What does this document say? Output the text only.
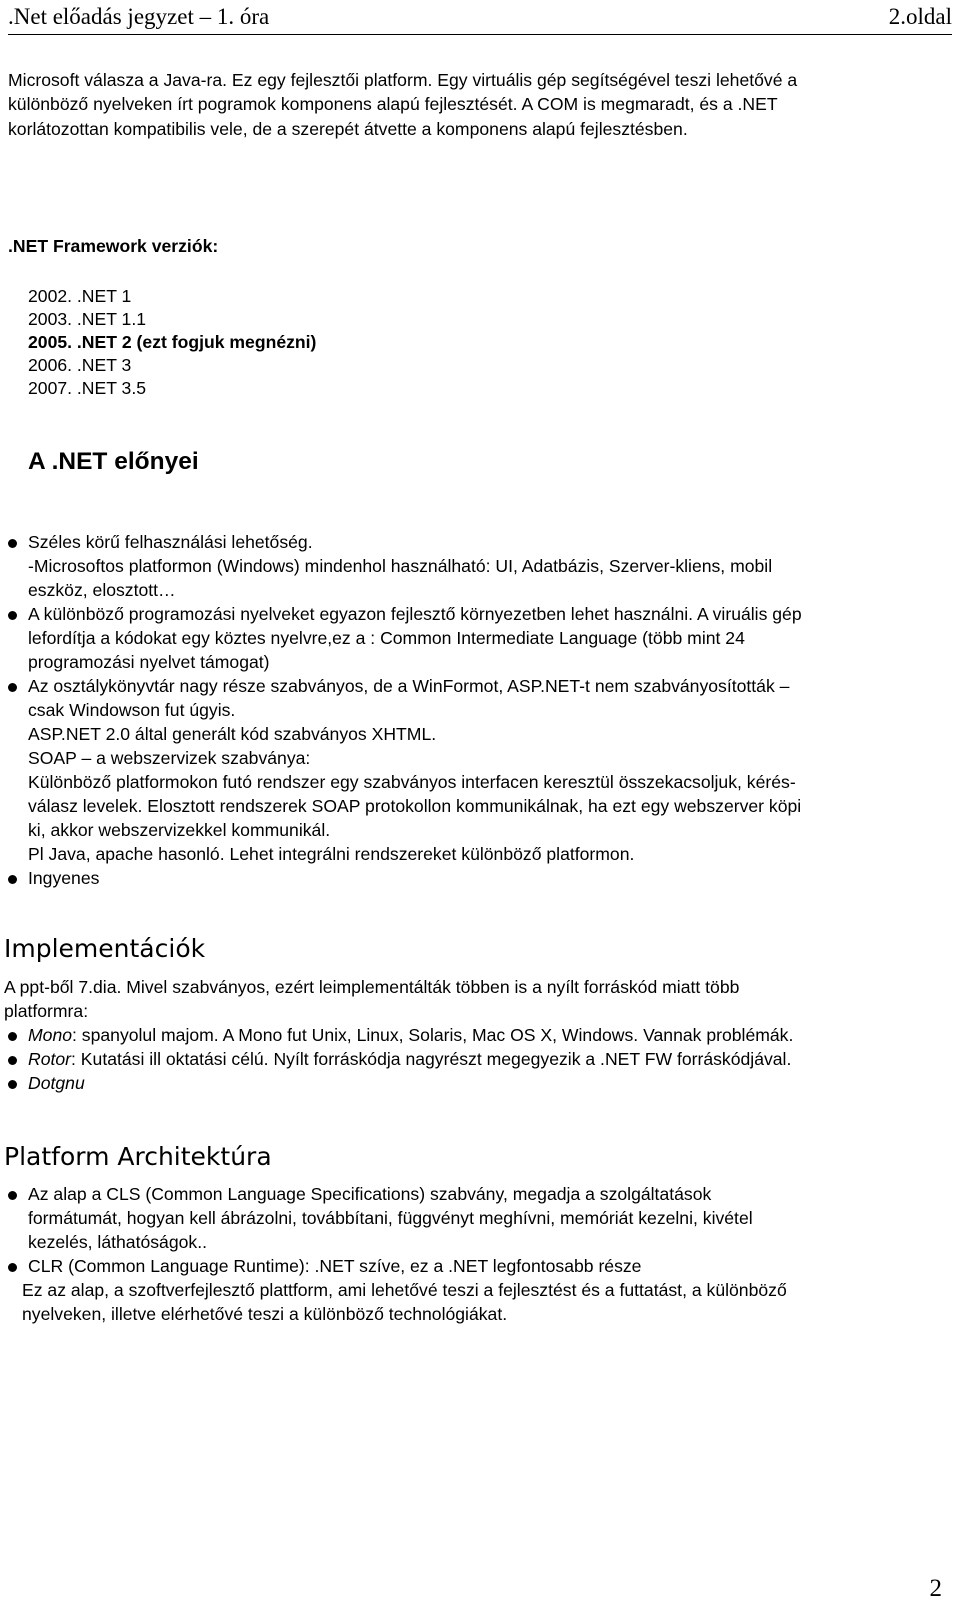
.Net előadás jegyzet – 1. óra	2.oldal
Microsoft válasza a Java-ra. Ez egy fejlesztői platform. Egy virtuális gép segítségével teszi lehetővé a
különböző nyelveken írt pogramok komponens alapú fejlesztését. A COM is megmaradt, és a .NET
korlátozottan kompatibilis vele, de a szerepét átvette a komponens alapú fejlesztésben.
.NET Framework verziók:
2002. .NET 1
2003. .NET 1.1
2005. .NET 2 (ezt fogjuk megnézni)
2006. .NET 3
2007. .NET 3.5
A .NET előnyei
Széles körű felhasználási lehetőség.
-Microsoftos platformon (Windows) mindenhol használható: UI, Adatbázis, Szerver-kliens, mobil
eszköz, elosztott…
A különböző programozási nyelveket egyazon fejlesztő környezetben lehet használni. A viruális gép
lefordítja a kódokat egy köztes nyelvre,ez a : Common Intermediate Language (több mint 24
programozási nyelvet támogat)
Az osztálykönyvtár nagy része szabványos, de a WinFormot, ASP.NET-t nem szabványosították –
csak Windowson fut úgyis.
ASP.NET 2.0 által generált kód szabványos XHTML.
SOAP – a webszervizek szabványa:
Különböző platformokon futó rendszer egy szabványos interfacen keresztül összekacsoljuk, kérés-
válasz levelek. Elosztott rendszerek SOAP protokollon kommunikálnak, ha ezt egy webszerver köpi
ki, akkor webszervizekkel kommunikál.
Pl Java, apache hasonló. Lehet integrálni rendszereket különböző platformon.
Ingyenes
Implementációk
A ppt-ből 7.dia. Mivel szabványos, ezért leimplementálták többen is a nyílt forráskód miatt több
platformra:
Mono: spanyolul majom. A Mono fut Unix, Linux, Solaris, Mac OS X, Windows. Vannak problémák.
Rotor: Kutatási ill oktatási célú. Nyílt forráskódja nagyrészt megegyezik a .NET FW forráskódjával.
Dotgnu
Platform Architektúra
Az alap a CLS (Common Language Specifications) szabvány, megadja a szolgáltatások
formátumát, hogyan kell ábrázolni, továbbítani, függvényt meghívni, memóriát kezelni, kivétel
kezelés, láthatóságok..
CLR (Common Language Runtime): .NET szíve, ez a .NET legfontosabb része
Ez az alap, a szoftverfejlesztő plattform, ami lehetővé teszi a fejlesztést és a futtatást, a különböző
nyelveken, illetve elérhetővé teszi a különböző technológiákat.
2
